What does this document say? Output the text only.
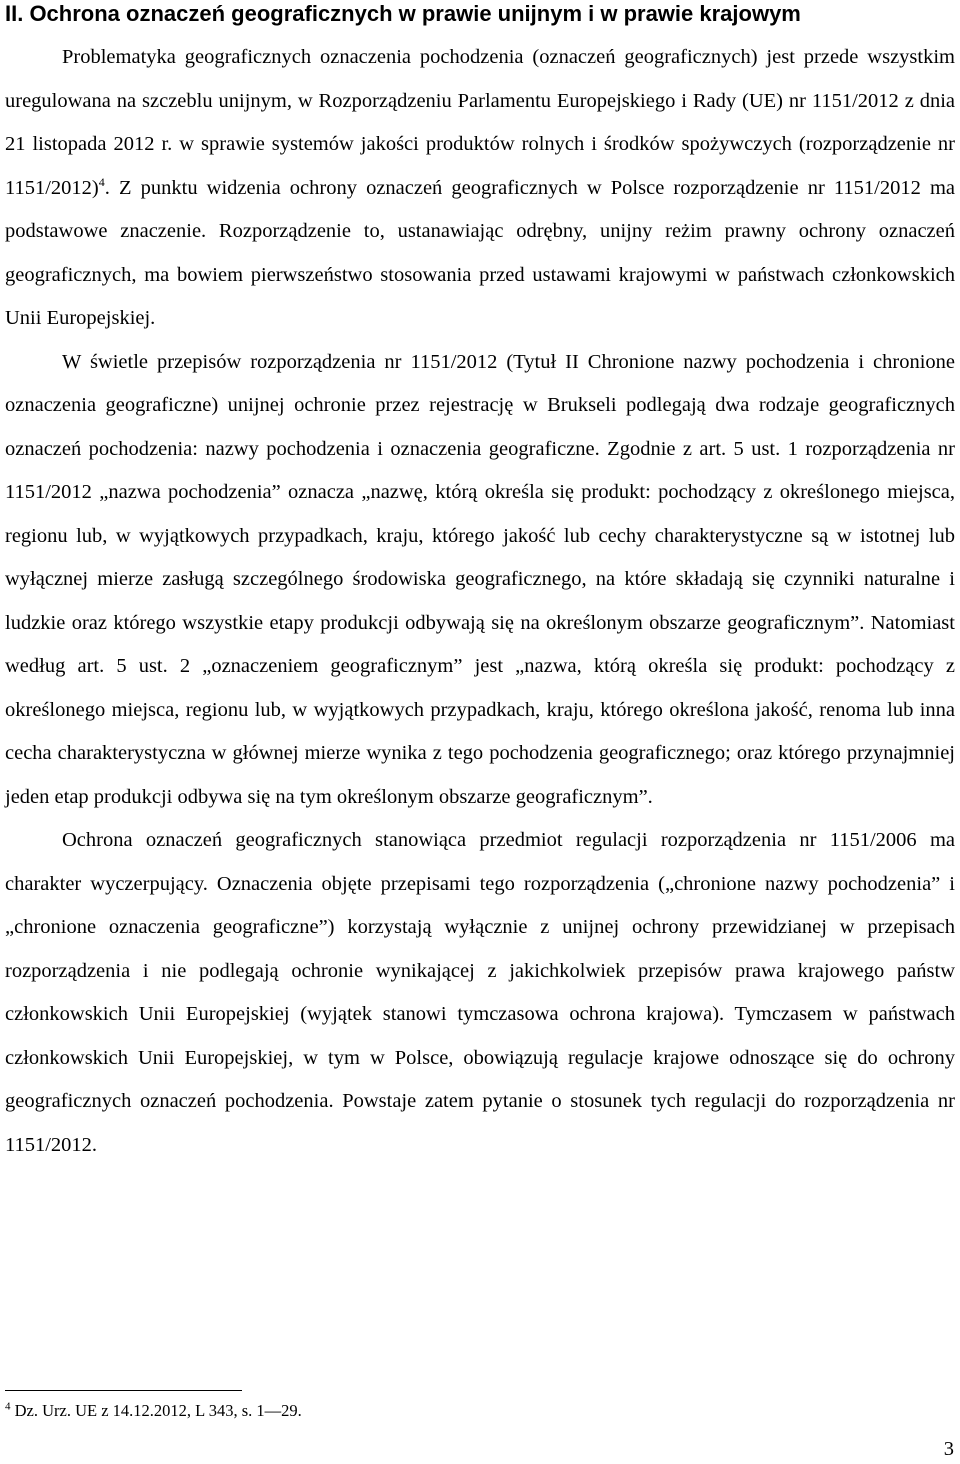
II. Ochrona oznaczeń geograficznych w prawie unijnym i w prawie krajowym

Problematyka geograficznych oznaczenia pochodzenia (oznaczeń geograficznych) jest przede wszystkim uregulowana na szczeblu unijnym, w Rozporządzeniu Parlamentu Europejskiego i Rady (UE) nr 1151/2012 z dnia 21 listopada 2012 r. w sprawie systemów jakości produktów rolnych i środków spożywczych (rozporządzenie nr 1151/2012)$^4$. Z punktu widzenia ochrony oznaczeń geograficznych w Polsce rozporządzenie nr 1151/2012 ma podstawowe znaczenie. Rozporządzenie to, ustanawiając odrębny, unijny reżim prawny ochrony oznaczeń geograficznych, ma bowiem pierwszeństwo stosowania przed ustawami krajowymi w państwach członkowskich Unii Europejskiej.

W świetle przepisów rozporządzenia nr 1151/2012 (Tytuł II Chronione nazwy pochodzenia i chronione oznaczenia geograficzne) unijnej ochronie przez rejestrację w Brukseli podlegają dwa rodzaje geograficznych oznaczeń pochodzenia: nazwy pochodzenia i oznaczenia geograficzne. Zgodnie z art. 5 ust. 1 rozporządzenia nr 1151/2012 „nazwa pochodzenia” oznacza „nazwę, którą określa się produkt: pochodzący z określonego miejsca, regionu lub, w wyjątkowych przypadkach, kraju, którego jakość lub cechy charakterystyczne są w istotnej lub wyłącznej mierze zasługą szczególnego środowiska geograficznego, na które składają się czynniki naturalne i ludzkie oraz którego wszystkie etapy produkcji odbywają się na określonym obszarze geograficznym”. Natomiast według art. 5 ust. 2 „oznaczeniem geograficznym” jest „nazwa, którą określa się produkt: pochodzący z określonego miejsca, regionu lub, w wyjątkowych przypadkach, kraju, którego określona jakość, renoma lub inna cecha charakterystyczna w głównej mierze wynika z tego pochodzenia geograficznego; oraz którego przynajmniej jeden etap produkcji odbywa się na tym określonym obszarze geograficznym”.

Ochrona oznaczeń geograficznych stanowiąca przedmiot regulacji rozporządzenia nr 1151/2006 ma charakter wyczerpujący. Oznaczenia objęte przepisami tego rozporządzenia („chronione nazwy pochodzenia” i „chronione oznaczenia geograficzne”) korzystają wyłącznie z unijnej ochrony przewidzianej w przepisach rozporządzenia i nie podlegają ochronie wynikającej z jakichkolwiek przepisów prawa krajowego państw członkowskich Unii Europejskiej (wyjątek stanowi tymczasowa ochrona krajowa). Tymczasem w państwach członkowskich Unii Europejskiej, w tym w Polsce, obowiązują regulacje krajowe odnoszące się do ochrony geograficznych oznaczeń pochodzenia. Powstaje zatem pytanie o stosunek tych regulacji do rozporządzenia nr 1151/2012.

$^4$ Dz. Urz. UE z 14.12.2012, L 343, s. 1—29.
3
